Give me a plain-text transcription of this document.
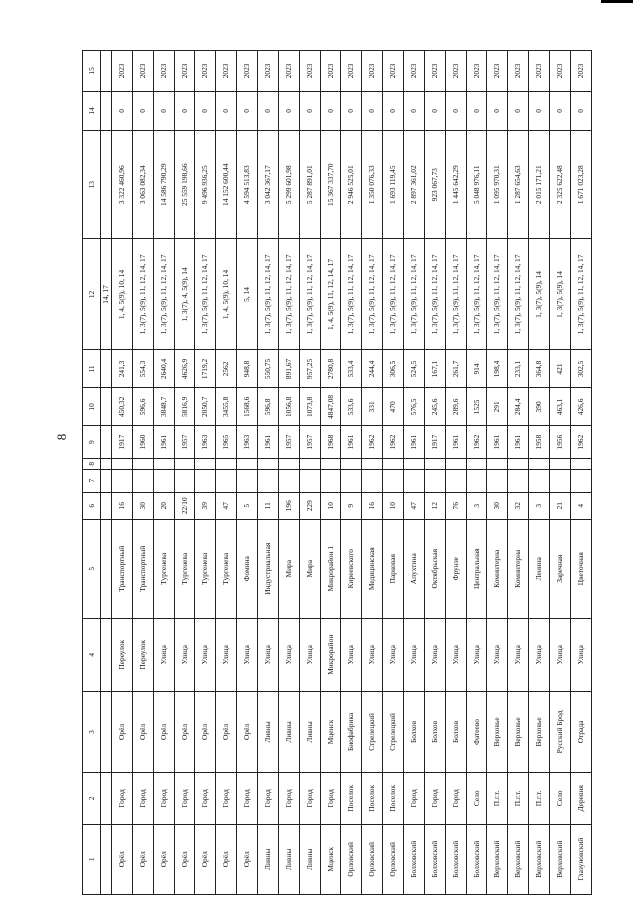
8
1	2	3	4	5	6	7	8	9	10	11	12	13	14	15
											14, 17			
Орёл	Город	Орёл	Переулок	Транспортный	16			1917	450,32	241,3	1, 4, 5(9), 10, 14	3 322 460,96	0	2023
Орёл	Город	Орёл	Переулок	Транспортный	30			1960	596,6	554,3	1, 3(7), 5(9), 11, 12, 14, 17	3 063 082,34	0	2023
Орёл	Город	Орёл	Улица	Тургенева	20			1961	3848,7	2640,4	1, 3(7), 5(9), 11, 12, 14, 17	14 586 790,29	0	2023
Орёл	Город	Орёл	Улица	Тургенева	22/10			1957	5816,9	4626,9	1, 3(7), 4, 5(9), 14	25 559 198,66	0	2023
Орёл	Город	Орёл	Улица	Тургенева	39			1963	2050,7	1719,2	1, 3(7), 5(9), 11, 12, 14, 17	9 496 936,25	0	2023
Орёл	Город	Орёл	Улица	Тургенева	47			1965	3455,8	2562	1, 4, 5(9), 10, 14	14 152 600,44	0	2023
Орёл	Город	Орёл	Улица	Фомина	5			1963	1568,6	948,8	5, 14	4 594 513,83	0	2023
Ливны	Город	Ливны	Улица	Индустриальная	11			1961	596,8	550,75	1, 3(7), 5(9), 11, 12, 14, 17	3 042 367,17	0	2023
Ливны	Город	Ливны	Улица	Мира	196			1957	1056,8	891,67	1, 3(7), 5(9), 11, 12, 14, 17	5 299 601,98	0	2023
Ливны	Город	Ливны	Улица	Мира	229			1957	1073,8	957,25	1, 3(7), 5(9), 11, 12, 14, 17	5 287 891,01	0	2023
Мценск	Город	Мценск	Микрорайон	Микрорайон 1	10			1968	4847,08	2780,8	1, 4, 5(9), 11, 12, 14, 17	15 367 337,70	0	2023
Орловский	Поселок	Биофабрика	Улица	Киреевского	9			1961	533,6	533,4	1, 3(7), 5(9), 11, 12, 14, 17	2 946 525,01	0	2023
Орловский	Поселок	Стрелецкий	Улица	Медицинская	16			1962	331	244,4	1, 3(7), 5(9), 11, 12, 14, 17	1 350 076,33	0	2023
Орловский	Поселок	Стрелецкий	Улица	Парковая	10			1962	470	306,5	1, 3(7), 5(9), 11, 12, 14, 17	1 693 119,45	0	2023
Болховский	Город	Болхов	Улица	Апухтина	47			1961	576,5	524,5	1, 3(7), 5(9), 11, 12, 14, 17	2 897 361,02	0	2023
Болховский	Город	Болхов	Улица	Октябрьская	12			1917	245,6	167,1	1, 3(7), 5(9), 11, 12, 14, 17	923 067,73	0	2023
Болховский	Город	Болхов	Улица	Фрунзе	76			1961	289,6	261,7	1, 3(7), 5(9), 11, 12, 14, 17	1 445 642,29	0	2023
Болховский	Село	Фатеево	Улица	Центральная	3			1962	1525	914	1, 3(7), 5(9), 11, 12, 14, 17	5 048 976,11	0	2023
Верховский	П.г.т.	Верховье	Улица	Коминтерна	30			1961	291	198,4	1, 3(7), 5(9), 11, 12, 14, 17	1 095 970,31	0	2023
Верховский	П.г.т.	Верховье	Улица	Коминтерна	32			1961	284,4	233,1	1, 3(7), 5(9), 11, 12, 14, 17	1 287 654,63	0	2023
Верховский	П.г.т.	Верховье	Улица	Ленина	3			1958	390	364,8	1, 3(7), 5(9), 14	2 015 171,21	0	2023
Верховский	Село	Русский Брод	Улица	Заречная	21			1956	463,1	421	1, 3(7), 5(9), 14	2 325 622,48	0	2023
Глазуновский	Деревня	Отрада	Улица	Цветочная	4			1962	426,6	302,5	1, 3(7), 5(9), 11, 12, 14, 17	1 671 023,28	0	2023
